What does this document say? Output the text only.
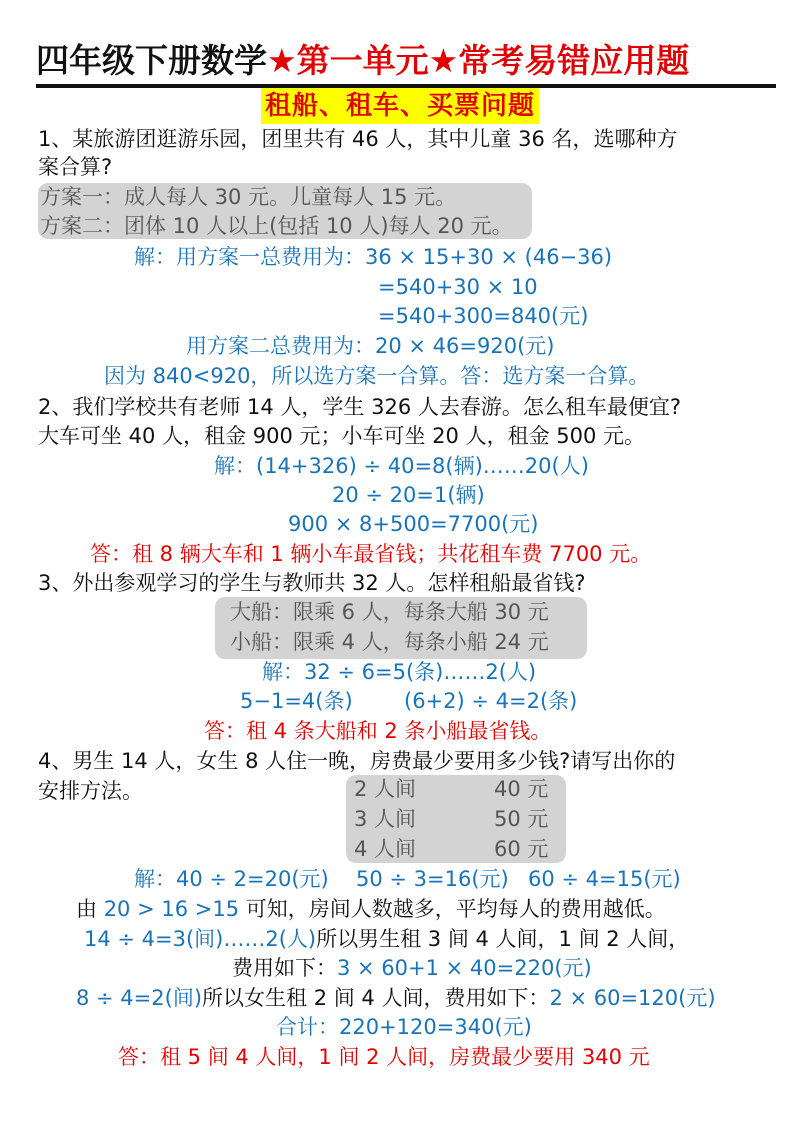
四年级下册数学★第一单元★常考易错应用题
租船、租车、买票问题
1、某旅游团逛游乐园，团里共有 46 人，其中儿童 36 名，选哪种方
案合算?
方案一：成人每人 30 元。儿童每人 15 元。
方案二：团体 10 人以上(包括 10 人)每人 20 元。
解：用方案一总费用为：36 × 15+30 × (46−36)
=540+30 × 10
=540+300=840(元)
用方案二总费用为：20 × 46=920(元)
因为 840<920，所以选方案一合算。答：选方案一合算。
2、我们学校共有老师 14 人，学生 326 人去春游。怎么租车最便宜?
大车可坐 40 人，租金 900 元；小车可坐 20 人，租金 500 元。
解：(14+326) ÷ 40=8(辆)……20(人)
20 ÷ 20=1(辆)
900 × 8+500=7700(元)
答：租 8 辆大车和 1 辆小车最省钱；共花租车费 7700 元。
3、外出参观学习的学生与教师共 32 人。怎样租船最省钱?
大船：限乘 6 人，每条大船 30 元
小船：限乘 4 人，每条小船 24 元
解：32 ÷ 6=5(条)……2(人)
5−1=4(条) (6+2) ÷ 4=2(条)
答：租 4 条大船和 2 条小船最省钱。
4、男生 14 人，女生 8 人住一晚，房费最少要用多少钱?请写出你的
安排方法。	2 人间	40 元
3 人间	50 元
4 人间	60 元
解：40 ÷ 2=20(元) 50 ÷ 3=16(元) 60 ÷ 4=15(元)
由 20 > 16 >15 可知，房间人数越多，平均每人的费用越低。
14 ÷ 4=3(间)……2(人)所以男生租 3 间 4 人间，1 间 2 人间，
费用如下：3 × 60+1 × 40=220(元)
8 ÷ 4=2(间)所以女生租 2 间 4 人间，费用如下：2 × 60=120(元)
合计：220+120=340(元)
答：租 5 间 4 人间，1 间 2 人间，房费最少要用 340 元
